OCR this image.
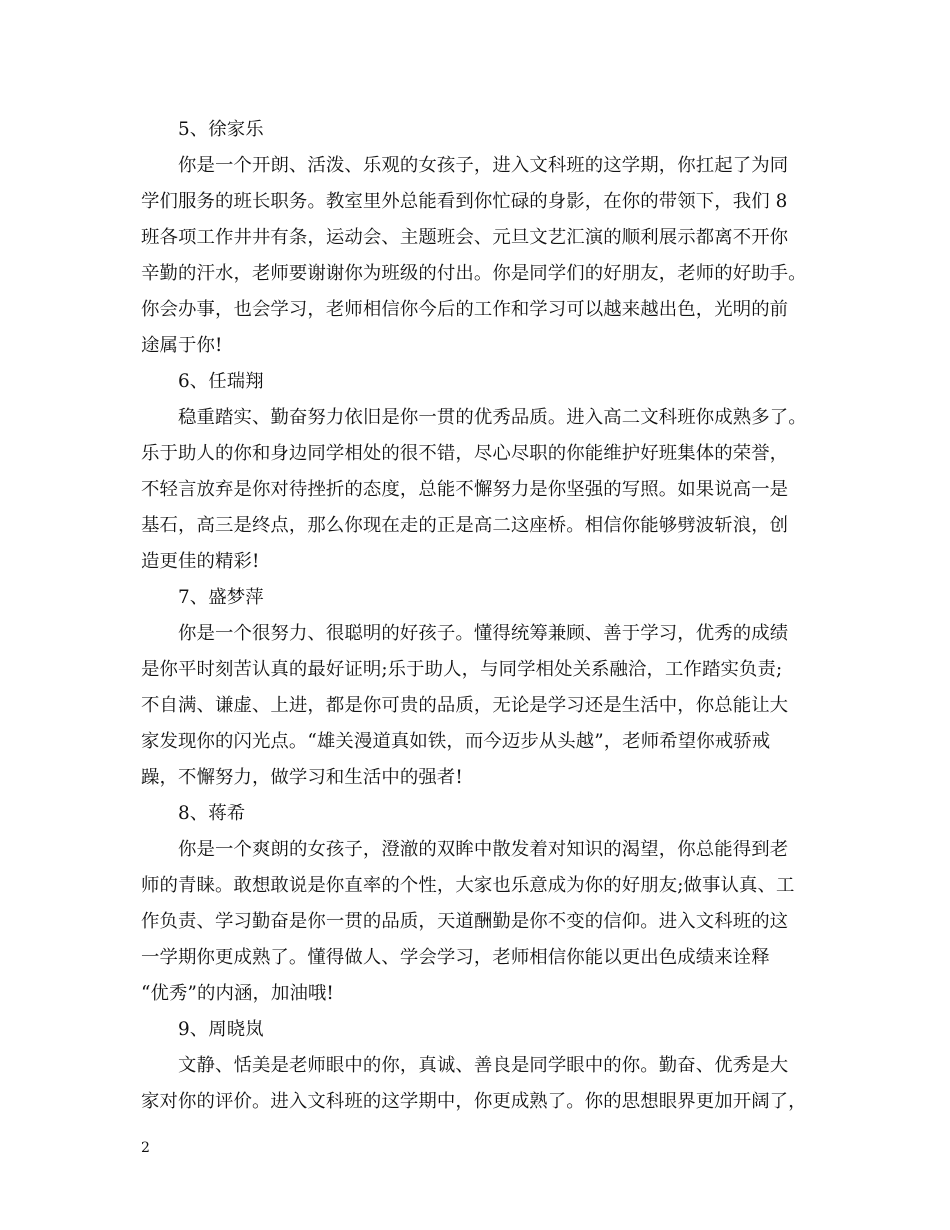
5、徐家乐
你是一个开朗、活泼、乐观的女孩子，进入文科班的这学期，你扛起了为同
学们服务的班长职务。教室里外总能看到你忙碌的身影，在你的带领下，我们 8
班各项工作井井有条，运动会、主题班会、元旦文艺汇演的顺利展示都离不开你
辛勤的汗水，老师要谢谢你为班级的付出。你是同学们的好朋友，老师的好助手。
你会办事，也会学习，老师相信你今后的工作和学习可以越来越出色，光明的前
途属于你!
6、任瑞翔
稳重踏实、勤奋努力依旧是你一贯的优秀品质。进入高二文科班你成熟多了。
乐于助人的你和身边同学相处的很不错，尽心尽职的你能维护好班集体的荣誉，
不轻言放弃是你对待挫折的态度，总能不懈努力是你坚强的写照。如果说高一是
基石，高三是终点，那么你现在走的正是高二这座桥。相信你能够劈波斩浪，创
造更佳的精彩!
7、盛梦萍
你是一个很努力、很聪明的好孩子。懂得统筹兼顾、善于学习，优秀的成绩
是你平时刻苦认真的最好证明;乐于助人，与同学相处关系融洽，工作踏实负责;
不自满、谦虚、上进，都是你可贵的品质，无论是学习还是生活中，你总能让大
家发现你的闪光点。“雄关漫道真如铁，而今迈步从头越”，老师希望你戒骄戒
躁，不懈努力，做学习和生活中的强者!
8、蒋希
你是一个爽朗的女孩子，澄澈的双眸中散发着对知识的渴望，你总能得到老
师的青睐。敢想敢说是你直率的个性，大家也乐意成为你的好朋友;做事认真、工
作负责、学习勤奋是你一贯的品质，天道酬勤是你不变的信仰。进入文科班的这
一学期你更成熟了。懂得做人、学会学习，老师相信你能以更出色成绩来诠释
“优秀”的内涵，加油哦!
9、周晓岚
文静、恬美是老师眼中的你，真诚、善良是同学眼中的你。勤奋、优秀是大
家对你的评价。进入文科班的这学期中，你更成熟了。你的思想眼界更加开阔了，
2
